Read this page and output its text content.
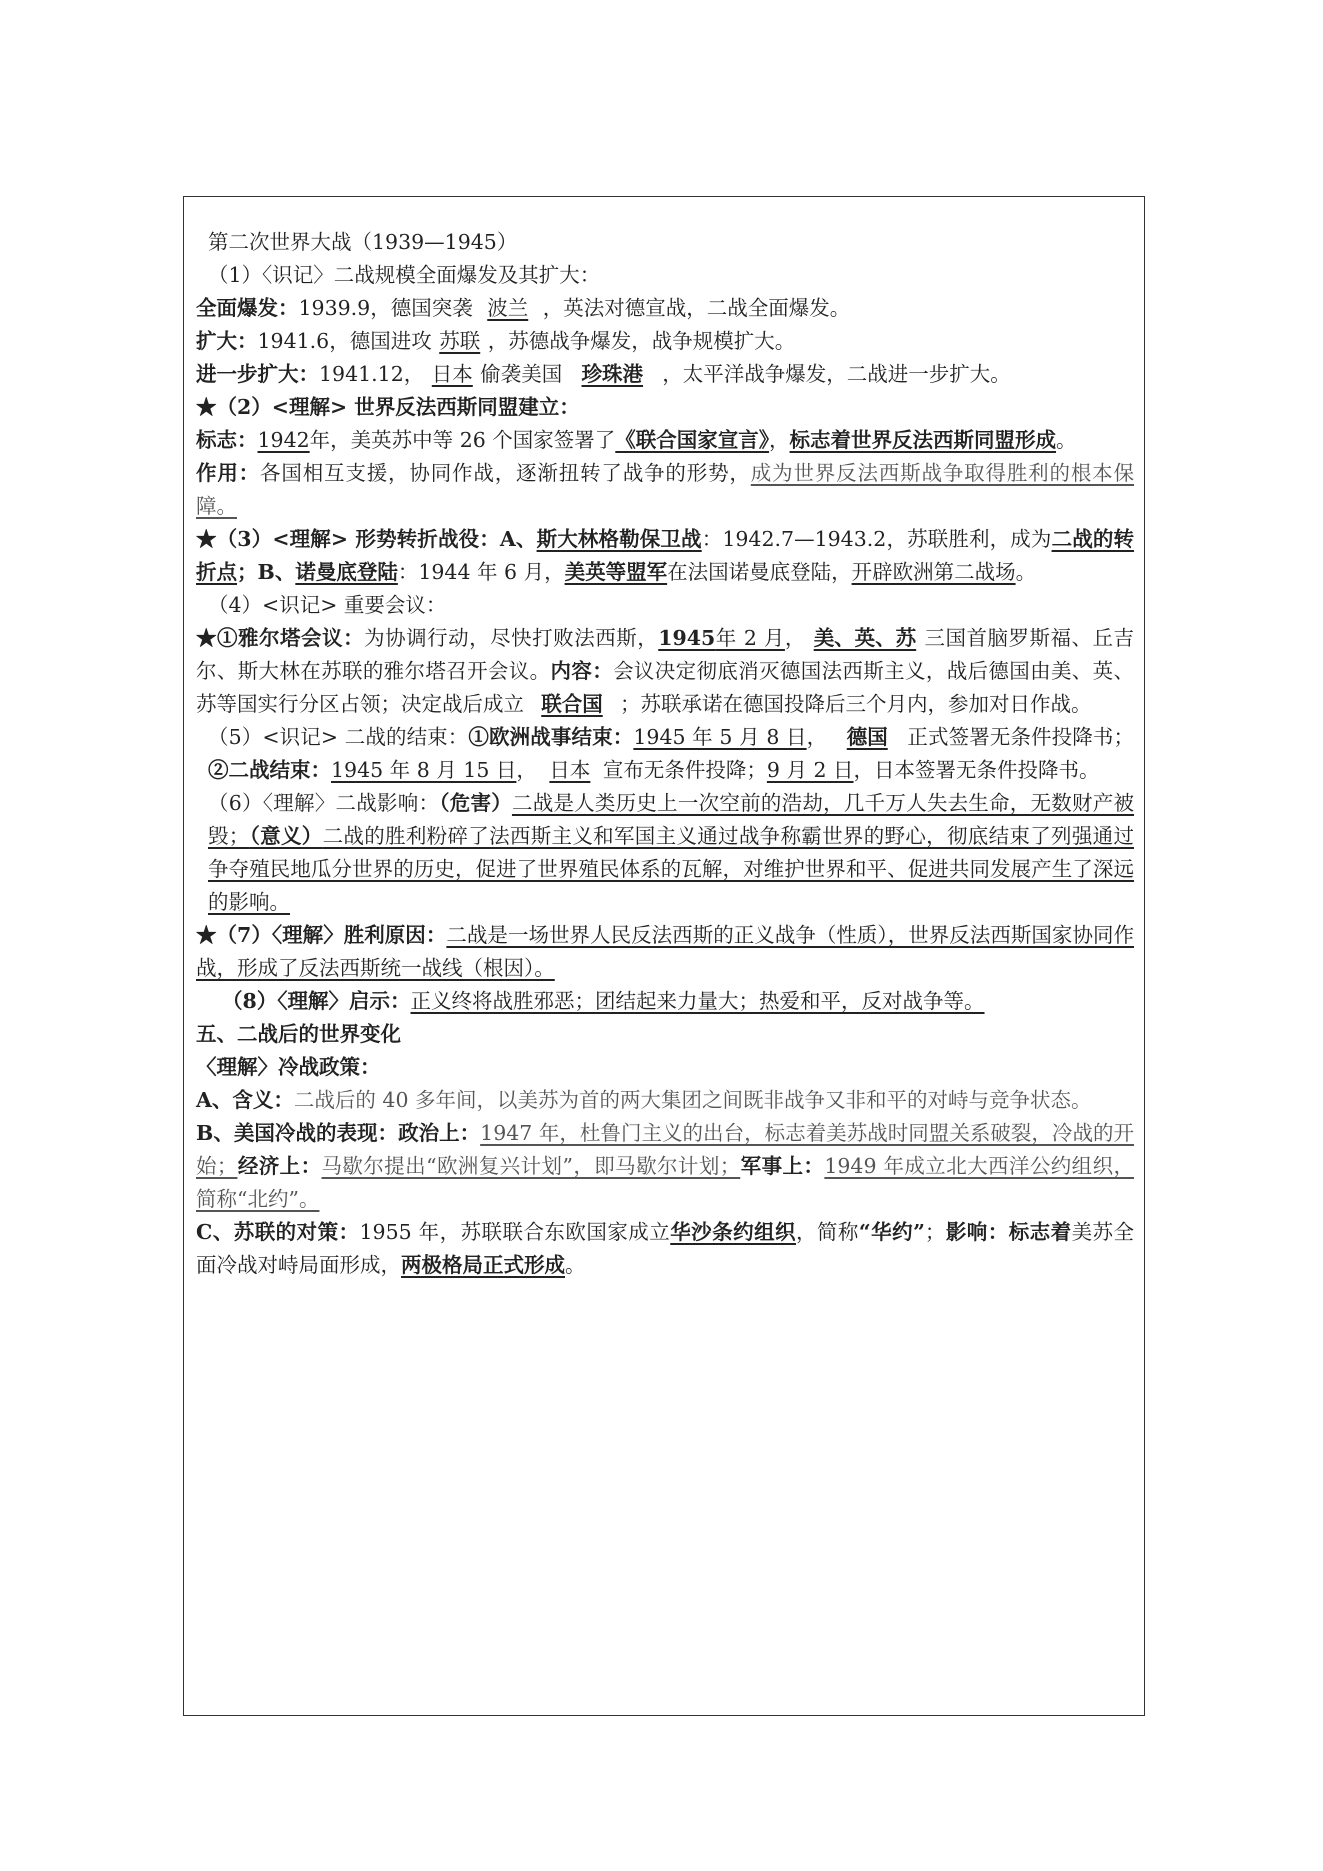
第二次世界大战（1939—1945）

（1）〈识记〉二战规模全面爆发及其扩大：

全面爆发：1939.9，德国突袭 波兰 ，英法对德宣战，二战全面爆发。

扩大：1941.6，德国进攻 苏联 ，苏德战争爆发，战争规模扩大。

进一步扩大：1941.12， 日本 偷袭美国 珍珠港 ，太平洋战争爆发，二战进一步扩大。

★（2）<理解> 世界反法西斯同盟建立：

标志：1942年，美英苏中等 26 个国家签署了《联合国家宣言》，标志着世界反法西斯同盟形成。

作用：各国相互支援，协同作战，逐渐扭转了战争的形势，成为世界反法西斯战争取得胜利的根本保障。

★（3）<理解> 形势转折战役：A、斯大林格勒保卫战：1942.7—1943.2，苏联胜利，成为二战的转折点；B、诺曼底登陆：1944 年 6 月，美英等盟军在法国诺曼底登陆，开辟欧洲第二战场。

（4）<识记> 重要会议：

★①雅尔塔会议：为协调行动，尽快打败法西斯，1945年 2 月， 美、英、苏 三国首脑罗斯福、丘吉尔、斯大林在苏联的雅尔塔召开会议。内容：会议决定彻底消灭德国法西斯主义，战后德国由美、英、苏等国实行分区占领；决定战后成立 联合国 ；苏联承诺在德国投降后三个月内，参加对日作战。

（5）<识记> 二战的结束：①欧洲战事结束：1945 年 5 月 8 日， 德国 正式签署无条件投降书；②二战结束：1945 年 8 月 15 日， 日本 宣布无条件投降；9 月 2 日，日本签署无条件投降书。

（6）〈理解〉二战影响：（危害）二战是人类历史上一次空前的浩劫，几千万人失去生命，无数财产被毁；（意义）二战的胜利粉碎了法西斯主义和军国主义通过战争称霸世界的野心，彻底结束了列强通过争夺殖民地瓜分世界的历史，促进了世界殖民体系的瓦解，对维护世界和平、促进共同发展产生了深远的影响。

★（7）〈理解〉胜利原因：二战是一场世界人民反法西斯的正义战争（性质），世界反法西斯国家协同作战，形成了反法西斯统一战线（根因）。

（8）〈理解〉启示：正义终将战胜邪恶；团结起来力量大；热爱和平，反对战争等。

五、二战后的世界变化

〈理解〉冷战政策：

A、含义：二战后的 40 多年间，以美苏为首的两大集团之间既非战争又非和平的对峙与竞争状态。

B、美国冷战的表现：政治上：1947 年，杜鲁门主义的出台，标志着美苏战时同盟关系破裂，冷战的开始；经济上：马歇尔提出“欧洲复兴计划”，即马歇尔计划；军事上：1949 年成立北大西洋公约组织，简称“北约”。

C、苏联的对策：1955 年，苏联联合东欧国家成立华沙条约组织，简称“华约”；影响：标志着美苏全面冷战对峙局面形成，两极格局正式形成。
